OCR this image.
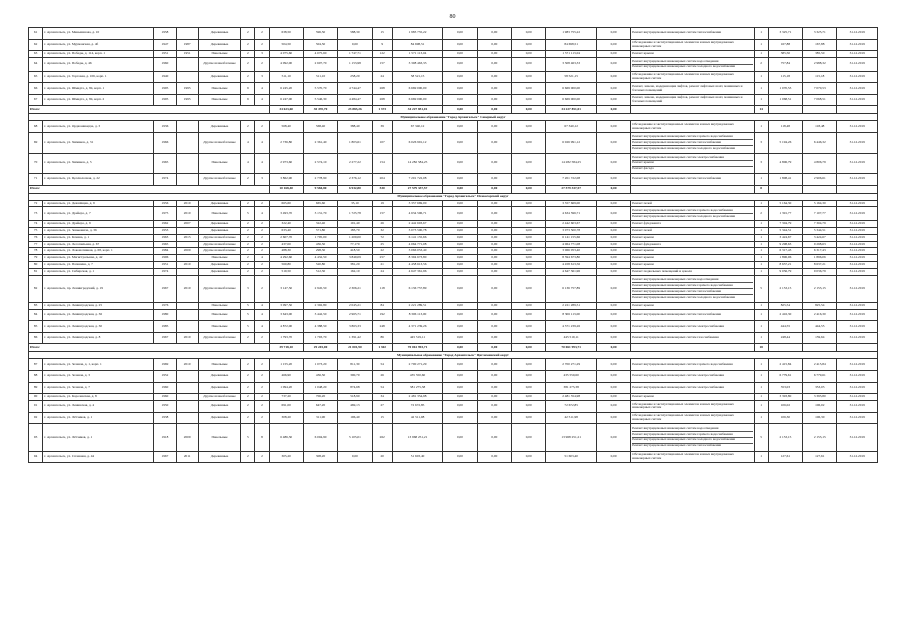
80
61	г. Архангельск, ул. Меньшинова, д. 10	1958		Деревянные	2	2	638,50	596,50	588,30	15	1 983 755,22	0,00	0,00	0,00	1 983 755,22	0,00	Ремонт внутридомовых инженерных систем теплоснабжения	1	3 325,71	3 325,71	31.12.2019
62	г. Архангельск, ул. Мурманская, д. 4б	1947	1987	Деревянные	2	2	504,50	504,50	0,00	9	84 698,51	0,00	0,00	0,00	84 698,51	0,00	Обследование и эксплуатационных элементов и иных внутридомовых инженерных систем	1	167,88	167,88	31.12.2019
63	г. Архангельск, ул. Победы, д. 114, корп. 1	1951	1951	Панельные	2	3	4 075,60	4 075,60	1 747,71	122	1 571 113,04	0,00	0,00	0,00	1 571 113,04	0,00	Ремонт крыши	1	385,50	385,50	31.12.2019
64	г. Архангельск, ул. Победы, д. 46	1960		Другие шлакоблочные	2	2	4 092,00	2 607,70	1 153,98	157	3 308 463,33	0,00	0,00	0,00	3 308 463,33	0,00	Ремонт внутридомовых инженерных систем водоотведения
Ремонт внутридомовых инженерных систем холодного водоснабжения	2	757,84	2 988,32	31.12.2019
65	г. Архангельск, ул. Торговая, д. 106, корп. 1	1940		Деревянные	2	3	511,10	511,10	258,20	24	58 521,15	0,00	0,00	0,00	58 521,15	0,00	Обследование и эксплуатационных элементов и иных внутридомовых инженерных систем	1	115,18	115,18	31.12.2019
66	г. Архангельск, ул. Шмидта, д. 84, корп. 1	1995	1995	Панельные	9	4	6 245,20	5 570,70	4 744,47	268	6 669 000,00	0,00	0,00	0,00	6 669 000,00	0,00	Ремонт, замена, модернизация лифтов, ремонт лифтовых шахт, машинных и блочных помещений	1	1 070,53	7 070,53	31.12.2019
67	г. Архангельск, ул. Шмидта, д. 84, корп. 2	1995	1995	Панельные	9	4	6 247,00	5 546,30	4 484,47	268	6 669 000,00	0,00	0,00	0,00	6 669 000,00	0,00	Ремонт, замена, модернизация лифтов, ремонт лифтовых шахт, машинных и блочных помещений	1	1 068,51	7 068,51	31.12.2019
Итого:							34 623,60	30 470,70	23 883,26	1 373	34 227 851,01	0,00	0,00	0,00	34 227 851,01	0,00		14			
Муниципальное образование "Город Архангельск" Северный округ																					
68	г. Архангельск, ул. Орджоникидзе, д. 3	1936		Деревянные	2	2	568,40	568,40	388,40	39	67 340,12	0,00	0,00	0,00	67 340,12	0,00	Обследование и эксплуатационных элементов и иных внутридомовых инженерных систем	1	118,48	118,48	31.12.2019
69	г. Архангельск, ул. Химиков, д. 31	1966		Другие шлакоблочные	4	4	2 736,80	2 361,40	1 803,61	107	6 026 991,12	0,00	0,00	0,00	6 026 991,12	0,00	Ремонт внутридомовых инженерных систем горячего водоснабжения
Ремонт внутридомовых инженерных систем теплоснабжения
Ремонт внутридомовых инженерных систем холодного водоснабжения	3	5 194,26	6 446,32	31.12.2019
70	г. Архангельск, ул. Химиков, д. 5	1965		Панельные	4	4	2 973,60	2 574,10	2 277,22	154	14 282 584,25	0,00	0,00	0,00	14 282 584,25	0,00	Ремонт внутридомовых инженерных систем электроснабжения
Ремонт крыши
Ремонт фасада	3	4 806,79	4 806,79	31.12.2019
71	г. Архангельск, ул. Целлюлозная, д. 22	1974		Другие шлакоблочные	2	3	3 862,90	2 778,90	2 376,12	204	7 201 722,08	0,00	0,00	0,00	7 201 722,08	0,00	Ремонт внутридомовых инженерных систем теплоснабжения	1	1 808,41	2 906,61	31.12.2019
Итого:							10 168,40	9 584,80	6 932,80	530	27 579 337,57	0,00	0,00	0,00	27 579 337,57	0,00		8			
Муниципальное образование "Город Архангельск" Исакогорский округ																					
72	г. Архангельск, ул. Дежнёвцев, д. 9	1956	2010	Деревянные	2	2	665,60	665,60	35,10	19	3 357 669,00	0,00	0,00	0,00	3 357 669,00	0,00	Ремонт печей	1	5 164,30	5 164,30	31.12.2019
73	г. Архангельск, ул. Дрейера, д. 7	1975	2010	Панельные	5	4	3 493,70	3 131,70	1 725,78	157	4 634 596,71	0,00	0,00	0,00	4 634 596,71	0,00	Ремонт внутридомовых инженерных систем горячего водоснабжения
Ремонт внутридомовых инженерных систем холодного водоснабжения	2	1 391,77	7 107,77	31.12.2019
74	г. Архангельск, ул. Дрейера, д. 9	1962	2007	Деревянные	2	2	322,40	322,40	191,40	26	2 442 603,67	0,00	0,00	0,00	2 442 603,67	0,00	Ремонт фундамента	1	7 304,79	7 304,79	31.12.2019
75	г. Архангельск, ул. Зеньковича, д. 36	1953		Деревянные	2	2	633,40	571,80	183,70	32	3 073 500,78	0,00	0,00	0,00	3 073 500,78	0,00	Ремонт печей	1	5 344,51	5 344,51	31.12.2019
76	г. Архангельск, ул. Кочина, д. 1	1963	2015	Другие шлакоблочные	2	2	2 607,70	1 795,00	1 209,00	72	6 141 155,66	0,00	0,00	0,00	6 141 155,66	0,00	Ремонт крыши	1	3 424,67	3 424,67	31.12.2019
77	г. Архангельск, ул. Лесопильная, д. 67	1965		Другие шлакоблочные	2	2	437,00	436,50	77,170	25	4 064 771,08	0,00	0,00	0,00	4 064 771,08	0,00	Ремонт фундамента	1	9 298,63	9 298,63	31.12.2019
78	г. Архангельск, ул. Локомотивная, д. 68, корп. 1	1984	2009	Другие шлакоблочные	2	2	488,30	298,30	418,50	22	3 066 053,40	0,00	0,00	0,00	3 066 053,40	0,00	Ремонт крыши	1	6 317,43	6 317,43	31.12.2019
79	г. Архангельск, ул. Магистральная, д. 42	1996		Панельные	2	4	4 292,60	4 432,50	3 849,09	257	8 394 673,80	0,00	0,00	0,00	8 394 673,80	0,00	Ремонт крыши	1	1 896,06	1 896,06	31.12.2019
80	г. Архангельск, ул. Папанина, д. 7	1951	2010	Деревянные	2	2	560,80	520,80	381,20	21	4 458 613,56	0,00	0,00	0,00	4 458 613,56	0,00	Ремонт крыши	1	8 637,21	8 637,21	31.12.2019
81	г. Архангельск, ул. Сибирская, д. 1	1974		Деревянные	2	2	519,50	512,30	162,10	24	4 647 361,96	0,00	0,00	0,00	4 647 361,96	0,00	Ремонт подвальных помещений и цоколя	1	9 036,79	9 036,79	31.12.2019
82	г. Архангельск, пр. Ленинградский, д. 19	1967	2010	Другие шлакоблочные	3	2	3 147,50	2 945,50	2 306,21	118	6 136 757,89	0,00	0,00	0,00	6 136 757,89	0,00	Ремонт внутридомовых инженерных систем водоотведения
Ремонт внутридомовых инженерных систем горячего водоснабжения
Ремонт внутридомовых инженерных систем теплоснабжения
Ремонт внутридомовых инженерных систем холодного водоснабжения	5	2 153,15	2 153,15	31.12.2019
83	г. Архангельск, ул. Ленинградская, д. 25	1976		Панельные	5	4	3 097,50	2 392,80	2 045,21	84	2 221 289,51	0,00	0,00	0,00	2 221 289,51	0,00	Ремонт крыши	1	825,54	825,54	31.12.2019
84	г. Архангельск, ул. Ленинградская, д. 36	1980		Панельные	5	4	3 643,00	3 442,50	2 965,71	192	8 306 113,00	0,00	0,00	0,00	8 306 113,00	0,00	Ремонт внутридомовых инженерных систем теплоснабжения	1	2 416,30	2 416,30	31.12.2019
85	г. Архангельск, ул. Ленинградская, д. 30	1985		Панельные	5	4	4 872,00	4 388,50	3 863,33	248	4 371 239,26	0,00	0,00	0,00	4 371 239,26	0,00	Ремонт внутридомовых инженерных систем электроснабжения	1	444,55	444,55	31.12.2019
86	г. Архангельск, ул. Ленинградская, д. 8	1967	2010	Другие шлакоблочные	2	2	1 793,70	1 793,70	1 391,42	86	445 519,11	0,00	0,00	0,00	445 519,11	0,00	Ремонт внутридомовых инженерных систем газоснабжения	1	248,44	159,64	31.12.2019
Итого:							39 718,10	29 245,00	21 001,90	1 302	70 061 993,71	0,00	0,00	0,00	70 061 993,71	0,00		18			
Муниципальное образование "Город Архангельск" Цигломенский округ																					
87	г. Архангельск, ул. Зеленая, д. 1, корп. 1	1969	2010	Панельные	2	2	1 155,20	1 073,20	811,30	54	2 700 271,29	0,00	0,00	0,00	2 700 271,29	0,00	Ремонт внутридомовых инженерных систем горячего водоснабжения	1	2 415,84	2 415,84	31.12.2019
88	г. Архангельск, ул. Зеленая, д. 3	1952		Деревянные	2	2	466,90	436,50	390,70	26	435 550,60	0,00	0,00	0,00	435 550,60	0,00	Ремонт внутридомовых инженерных систем электроснабжения	1	6 779,61	6 779,61	31.12.2019
89	г. Архангельск, ул. Зеленая, д. 7	1960		Деревянные	2	2	1 094,20	1 048,20	874,68	54	381 275,38	0,00	0,00	0,00	381 275,38	0,00	Ремонт внутридомовых инженерных систем электроснабжения	1	353,03	353,03	31.12.2019
90	г. Архангельск, ул. Королевская, д. 8	1960		Другие шлакоблочные	2	2	737,20	706,20	518,90	34	2 481 354,98	0,00	0,00	0,00	2 481 354,98	0,00	Ремонт крыши	1	3 393,80	3 393,80	31.12.2019
91	г. Архангельск, ул. Ленинская, д. 4	1950		Деревянные	2	2	691,00	647,20	469,13	27	72 672,85	0,00	0,00	0,00	72 672,85	0,00	Обследование и эксплуатационных элементов и иных внутридомовых инженерных систем	1	106,02	106,02	31.12.2019
92	г. Архангельск, ул. Лётчиков, д. 1	1938		Деревянные	2	2	308,20	311,90	196,40	15	42 511,98	0,00	0,00	0,00	42 511,98	0,00	Обследование и эксплуатационных элементов и иных внутридомовых инженерных систем	1	106,30	106,30	31.12.2019
93	г. Архангельск, ул. Лётчиков, д. 1	1918	2009	Панельные	5	8	6 486,30	6 004,90	5 105,01	262	13 968 251,21	0,00	0,00	0,00	13 968 251,21	0,00	Ремонт внутридомовых инженерных систем водоотведения
Ремонт внутридомовых инженерных систем горячего водоснабжения
Ремонт внутридомовых инженерных систем холодного водоснабжения
Ремонт внутридомовых инженерных систем теплоснабжения	5	2 153,15	2 153,15	31.12.2019
94	г. Архангельск, ул. Сплавная, д. 44	1967	2011	Деревянные	2	2	305,20	308,20	0,00	20	51 603,40	0,00	0,00	0,00	51 603,40	0,00	Обследование и эксплуатационных элементов и иных внутридомовых инженерных систем	1	127,61	127,61	31.12.2019
